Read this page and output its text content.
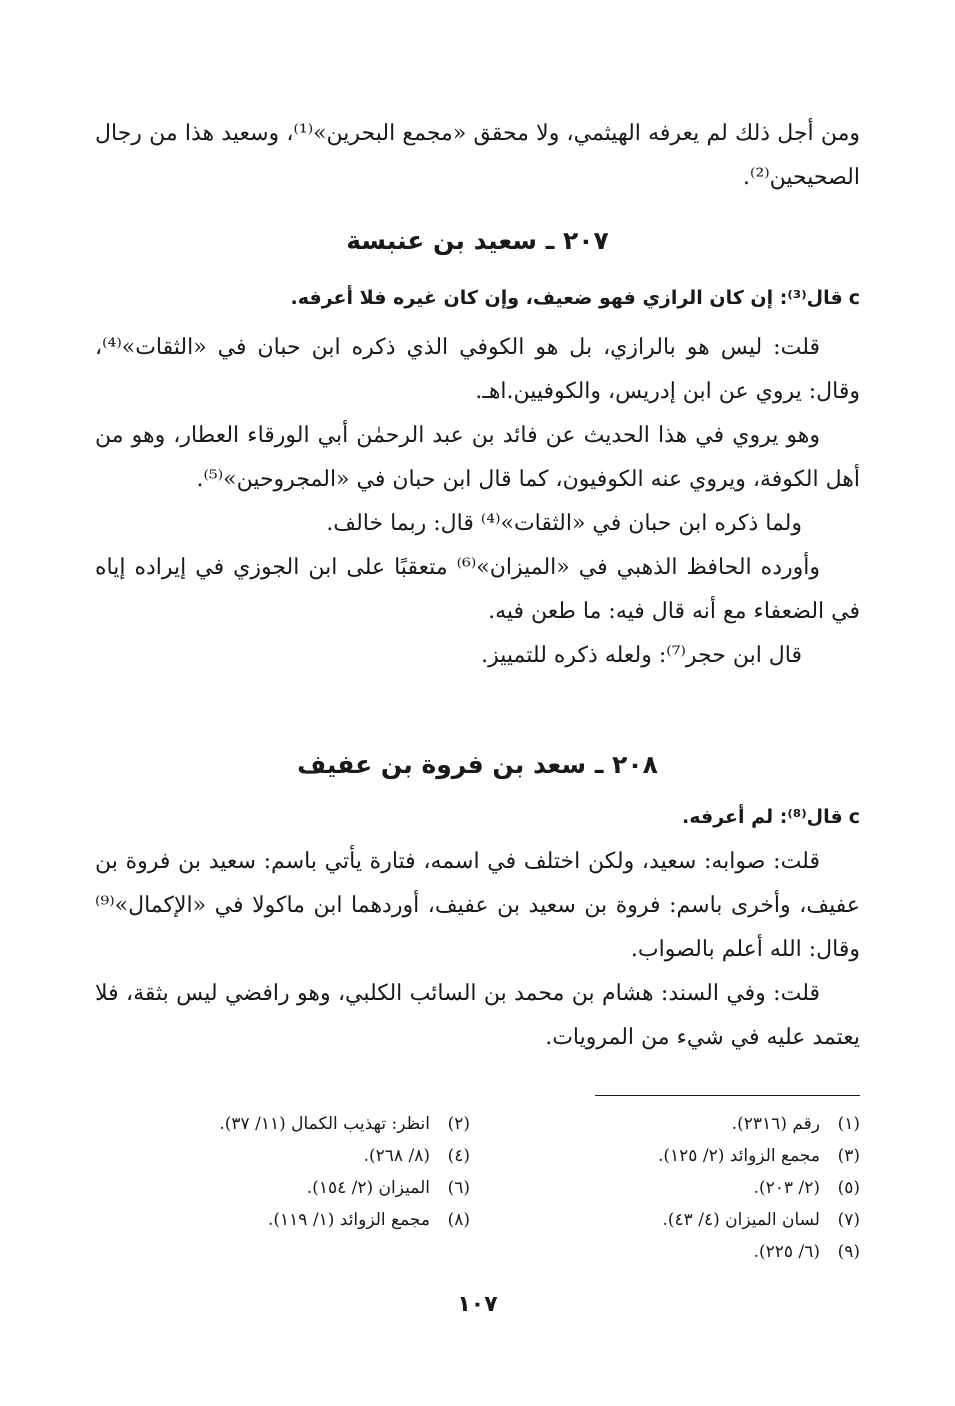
ومن أجل ذلك لم يعرفه الهيثمي، ولا محقق «مجمع البحرين»⁽¹⁾، وسعيد هذا من رجال الصحيحين⁽²⁾.

٢٠٧ ـ سعيد بن عنبسة
cقال⁽³⁾: إن كان الرازي فهو ضعيف، وإن كان غيره فلا أعرفه.

قلت: ليس هو بالرازي، بل هو الكوفي الذي ذكره ابن حبان في «الثقات»⁽⁴⁾، وقال: يروي عن ابن إدريس، والكوفيين.اهـ.

وهو يروي في هذا الحديث عن فائد بن عبد الرحمٰن أبي الورقاء العطار، وهو من أهل الكوفة، ويروي عنه الكوفيون، كما قال ابن حبان في «المجروحين»⁽⁵⁾.

ولما ذكره ابن حبان في «الثقات»⁽⁴⁾ قال: ربما خالف.

وأورده الحافظ الذهبي في «الميزان»⁽⁶⁾ متعقبًا على ابن الجوزي في إيراده إياه في الضعفاء مع أنه قال فيه: ما طعن فيه.

قال ابن حجر⁽⁷⁾: ولعله ذكره للتمييز.

٢٠٨ ـ سعد بن فروة بن عفيف
cقال⁽⁸⁾: لم أعرفه.

قلت: صوابه: سعيد، ولكن اختلف في اسمه، فتارة يأتي باسم: سعيد بن فروة بن عفيف، وأخرى باسم: فروة بن سعيد بن عفيف، أوردهما ابن ماكولا في «الإكمال»⁽⁹⁾ وقال: الله أعلم بالصواب.

قلت: وفي السند: هشام بن محمد بن السائب الكلبي، وهو رافضي ليس بثقة، فلا يعتمد عليه في شيء من المرويات.

(١)رقم (٢٣١٦).
(٣)مجمع الزوائد (٢/ ١٢٥).
(٥)(٢/ ٢٠٣).
(٧)لسان الميزان (٤/ ٤٣).
(٩)(٦/ ٢٢٥).
(٢)انظر: تهذيب الكمال (١١/ ٣٧).
(٤)(٨/ ٢٦٨).
(٦)الميزان (٢/ ١٥٤).
(٨)مجمع الزوائد (١/ ١١٩).
١٠٧
